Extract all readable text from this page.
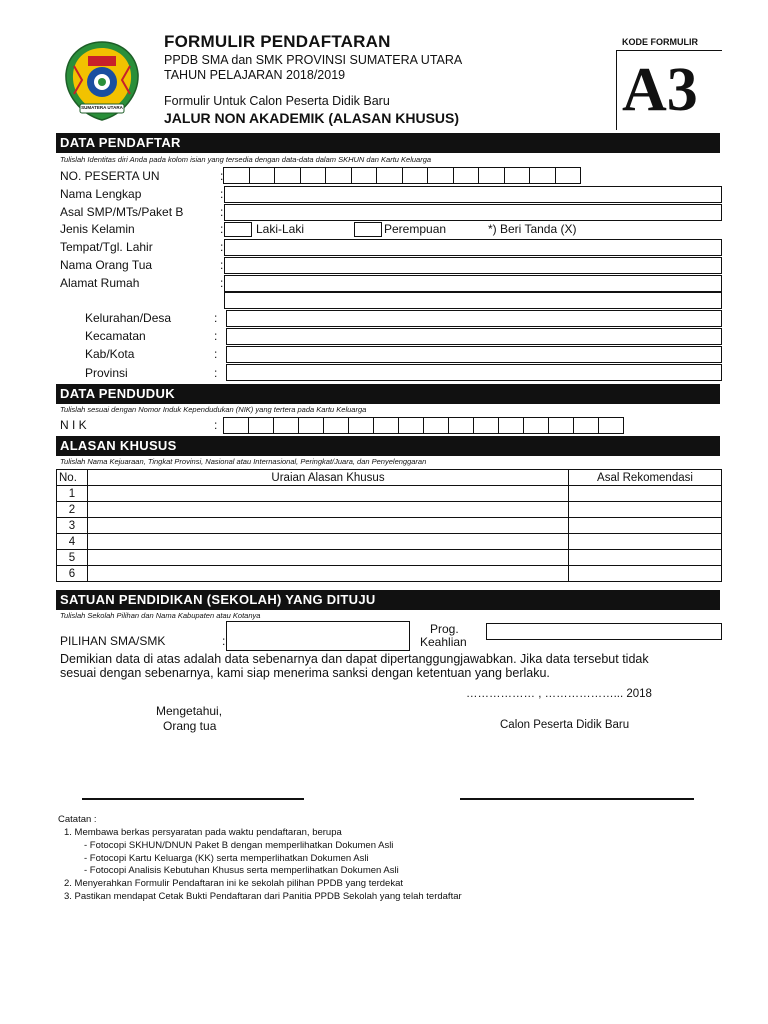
SUMATERA UTARA
FORMULIR PENDAFTARAN
PPDB SMA dan SMK PROVINSI SUMATERA UTARA
TAHUN PELAJARAN 2018/2019
Formulir Untuk Calon Peserta Didik Baru
JALUR NON AKADEMIK (ALASAN KHUSUS)
KODE FORMULIR
A3
DATA PENDAFTAR
Tulislah Identitas diri Anda pada kolom isian yang tersedia dengan data-data dalam SKHUN dan Kartu Keluarga
NO. PESERTA UN	:
Nama Lengkap	:
Asal SMP/MTs/Paket B	:
Jenis Kelamin	:	Laki-Laki	Perempuan	*) Beri Tanda (X)
Tempat/Tgl. Lahir	:
Nama Orang Tua	:
Alamat Rumah	:
Kelurahan/Desa	:
Kecamatan	:
Kab/Kota	:
Provinsi	:
DATA PENDUDUK
Tulislah sesuai dengan Nomor Induk Kependudukan (NIK) yang tertera pada Kartu Keluarga
N I K	:
ALASAN KHUSUS
Tulislah Nama Kejuaraan, Tingkat Provinsi, Nasional atau Internasional, Peringkat/Juara, dan Penyelenggaran
No.	Uraian Alasan Khusus	Asal Rekomendasi
1		
2		
3		
4		
5		
6		
SATUAN PENDIDIKAN (SEKOLAH) YANG DITUJU
Tulislah Sekolah Pilihan dan Nama Kabupaten atau Kotanya
PILIHAN SMA/SMK	:
Prog.
Keahlian
Demikian data di atas adalah data sebenarnya dan dapat dipertanggungjawabkan. Jika data tersebut tidak
sesuai dengan sebenarnya, kami siap menerima sanksi dengan ketentuan yang berlaku.
……………… , ………………... 2018
Mengetahui,
Orang tua	Calon Peserta Didik Baru
Catatan :
1. Membawa berkas persyaratan pada waktu pendaftaran, berupa
- Fotocopi SKHUN/DNUN Paket B dengan memperlihatkan Dokumen Asli
- Fotocopi Kartu Keluarga (KK) serta memperlihatkan Dokumen Asli
- Fotocopi Analisis Kebutuhan Khusus serta memperlihatkan Dokumen Asli
2. Menyerahkan Formulir Pendaftaran ini ke sekolah pilihan PPDB yang terdekat
3. Pastikan mendapat Cetak Bukti Pendaftaran dari Panitia PPDB Sekolah yang telah terdaftar
